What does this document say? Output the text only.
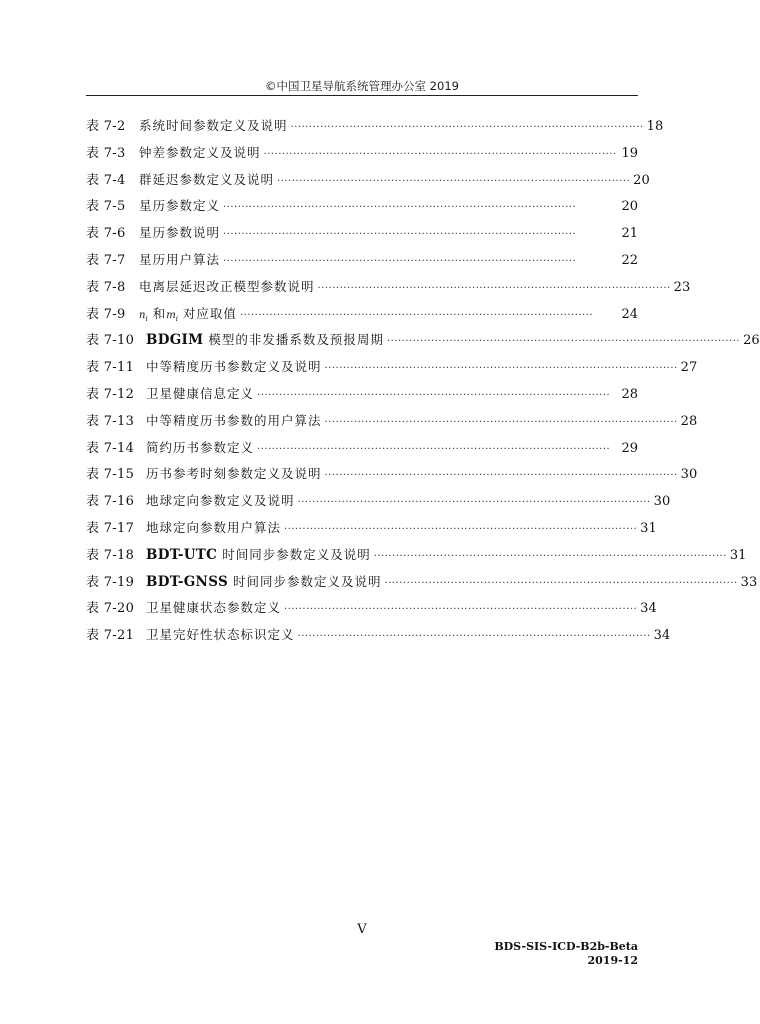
©中国卫星导航系统管理办公室 2019
表 7-2	系统时间参数定义及说明 ································································································ 18
表 7-3	钟差参数定义及说明 ································································································ 19
表 7-4	群延迟参数定义及说明 ································································································ 20
表 7-5	星历参数定义 ································································································	20
表 7-6	星历参数说明 ································································································	21
表 7-7	星历用户算法 ································································································	22
表 7-8	电离层延迟改正模型参数说明 ································································································ 23
表 7-9	$n_i$ 和$m_i$ 对应取值 ································································································	24
表 7-10 BDGIM 模型的非发播系数及预报周期 ································································································ 26
表 7-11 中等精度历书参数定义及说明 ································································································ 27
表 7-12 卫星健康信息定义 ································································································ 28
表 7-13 中等精度历书参数的用户算法 ································································································ 28
表 7-14 简约历书参数定义 ································································································ 29
表 7-15 历书参考时刻参数定义及说明 ································································································ 30
表 7-16 地球定向参数定义及说明 ································································································ 30
表 7-17 地球定向参数用户算法 ································································································ 31
表 7-18 BDT-UTC 时间同步参数定义及说明 ································································································ 31
表 7-19 BDT-GNSS 时间同步参数定义及说明 ································································································ 33
表 7-20 卫星健康状态参数定义 ································································································ 34
表 7-21 卫星完好性状态标识定义 ································································································ 34
V
BDS-SIS-ICD-B2b-Beta
2019-12
